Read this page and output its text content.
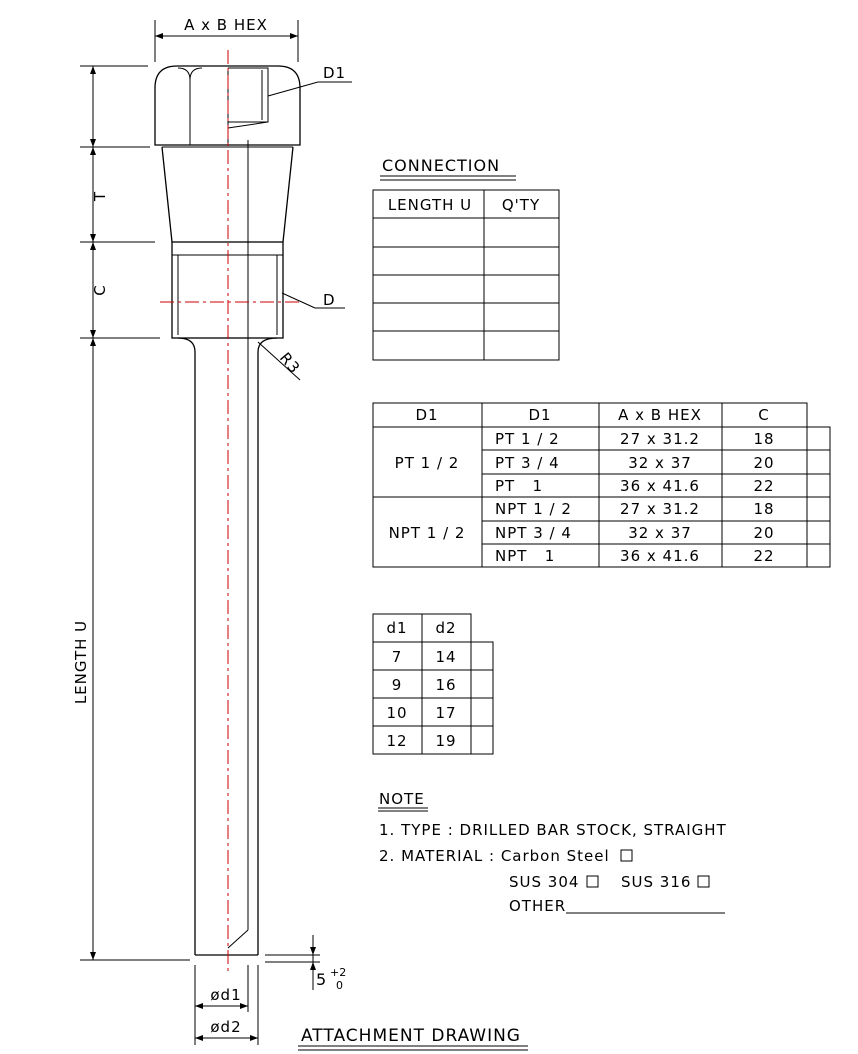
A x B HEX
D1
D
R3
T
C
LENGTH U
ød1
ød2
5 +2
0
CONNECTION
LENGTH U Q'TY
D1	D1	A x B HEX	C
PT 1 / 2
NPT 1 / 2
PT 1 / 2	27 x 31.2	18
PT 3 / 4	32 x 37	20
PT   1	36 x 41.6	22
NPT 1 / 2	27 x 31.2	18
NPT 3 / 4	32 x 37	20
NPT   1	36 x 41.6	22
d1 d2
7 14
9 16
10 17
12 19
NOTE
1. TYPE : DRILLED BAR STOCK, STRAIGHT
2. MATERIAL : Carbon Steel
SUS 304	SUS 316
OTHER
ATTACHMENT DRAWING
